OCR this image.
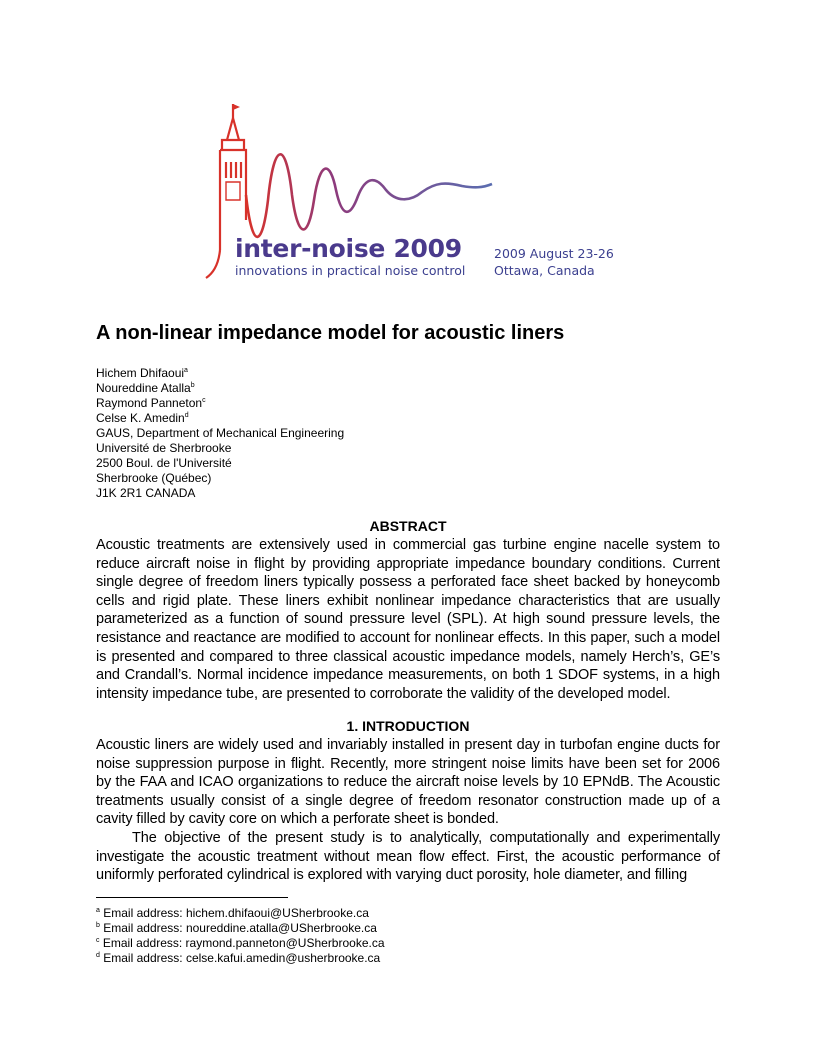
inter-noise 2009
innovations in practical noise control
2009 August 23-26
Ottawa, Canada
A non-linear impedance model for acoustic liners
Hichem Dhifaoui$^a$
Noureddine Atalla$^b$
Raymond Panneton$^c$
Celse K. Amedin$^d$
GAUS, Department of Mechanical Engineering
Université de Sherbrooke
2500 Boul. de l'Université
Sherbrooke (Québec)
J1K 2R1 CANADA
ABSTRACT
Acoustic treatments are extensively used in commercial gas turbine engine nacelle system to reduce aircraft noise in flight by providing appropriate impedance boundary conditions. Current single degree of freedom liners typically possess a perforated face sheet backed by honeycomb cells and rigid plate. These liners exhibit nonlinear impedance characteristics that are usually parameterized as a function of sound pressure level (SPL). At high sound pressure levels, the resistance and reactance are modified to account for nonlinear effects. In this paper, such a model is presented and compared to three classical acoustic impedance models, namely Herch’s, GE’s and Crandall’s. Normal incidence impedance measurements, on both 1 SDOF systems, in a high intensity impedance tube, are presented to corroborate the validity of the developed model.
1. INTRODUCTION
Acoustic liners are widely used and invariably installed in present day in turbofan engine ducts for noise suppression purpose in flight. Recently, more stringent noise limits have been set for 2006 by the FAA and ICAO organizations to reduce the aircraft noise levels by 10 EPNdB. The Acoustic treatments usually consist of a single degree of freedom resonator construction made up of a cavity filled by cavity core on which a perforate sheet is bonded.
The objective of the present study is to analytically, computationally and experimentally investigate the acoustic treatment without mean flow effect. First, the acoustic performance of uniformly perforated cylindrical is explored with varying duct porosity, hole diameter, and filling
$^a$ Email address: hichem.dhifaoui@USherbrooke.ca
$^b$ Email address: noureddine.atalla@USherbrooke.ca
$^c$ Email address: raymond.panneton@USherbrooke.ca
$^d$ Email address: celse.kafui.amedin@usherbrooke.ca
